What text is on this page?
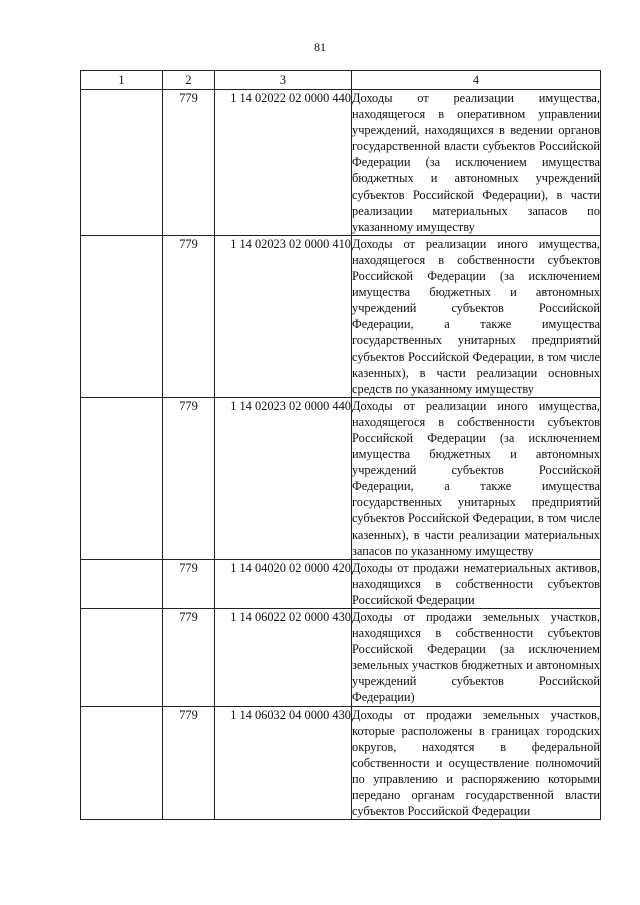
81
1	2	3	4
	779	1 14 02022 02 0000 440	Доходы от реализации имущества, находящегося в оперативном управлении учреждений, находящихся в ведении органов государственной власти субъектов Российской Федерации (за исключением имущества бюджетных и автономных учреждений субъектов Российской Федерации), в части реализации материальных запасов по указанному имуществу
	779	1 14 02023 02 0000 410	Доходы от реализации иного имущества, находящегося в собственности субъектов Российской Федерации (за исключением имущества бюджетных и автономных учреждений субъектов Российской Федерации, а также имущества государственных унитарных предприятий субъектов Российской Федерации, в том числе казенных), в части реализации основных средств по указанному имуществу
	779	1 14 02023 02 0000 440	Доходы от реализации иного имущества, находящегося в собственности субъектов Российской Федерации (за исключением имущества бюджетных и автономных учреждений субъектов Российской Федерации, а также имущества государственных унитарных предприятий субъектов Российской Федерации, в том числе казенных), в части реализации материальных запасов по указанному имуществу
	779	1 14 04020 02 0000 420	Доходы от продажи нематериальных активов, находящихся в собственности субъектов Российской Федерации
	779	1 14 06022 02 0000 430	Доходы от продажи земельных участков, находящихся в собственности субъектов Российской Федерации (за исключением земельных участков бюджетных и автономных учреждений субъектов Российской Федерации)
	779	1 14 06032 04 0000 430	Доходы от продажи земельных участков, которые расположены в границах городских округов, находятся в федеральной собственности и осуществление полномочий по управлению и распоряжению которыми передано органам государственной власти субъектов Российской Федерации
